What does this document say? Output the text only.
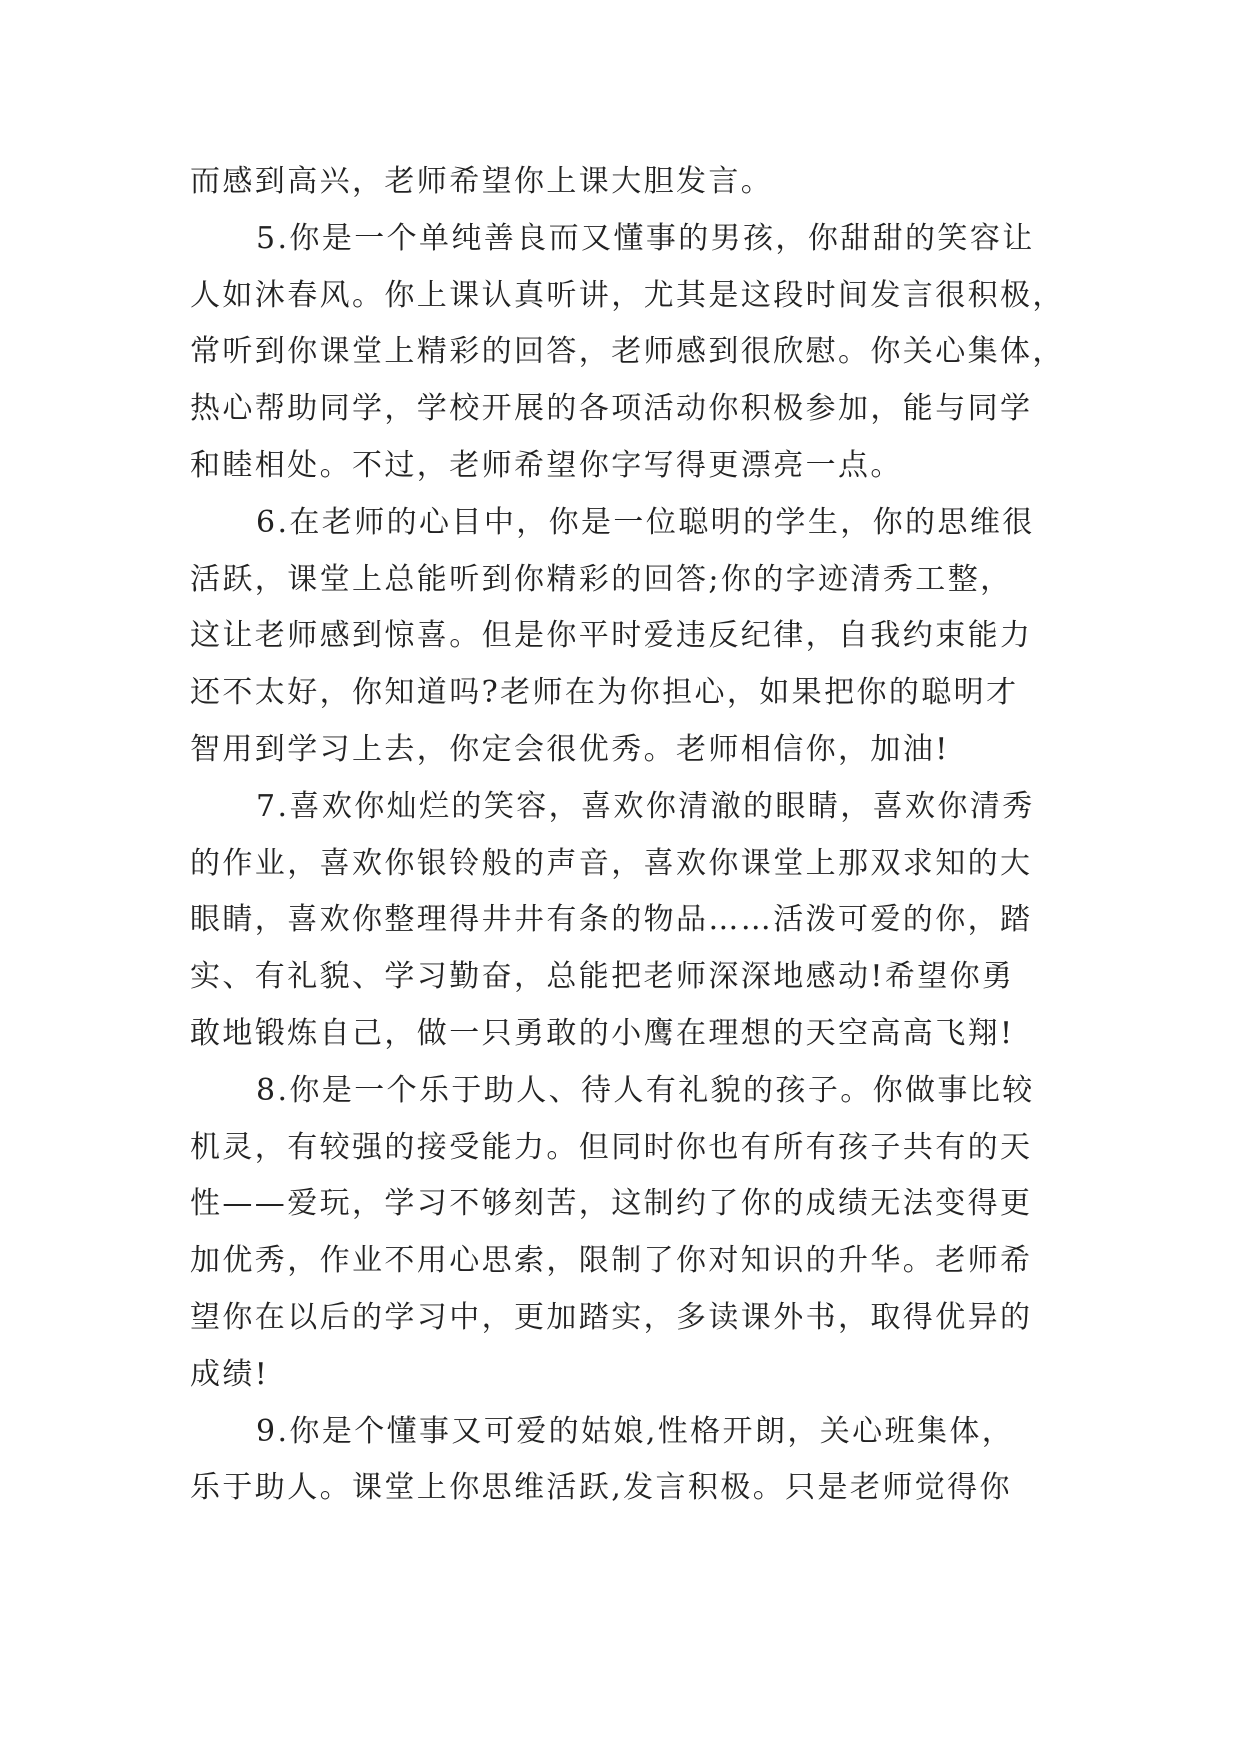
而感到高兴，老师希望你上课大胆发言。
5.你是一个单纯善良而又懂事的男孩，你甜甜的笑容让
人如沐春风。你上课认真听讲，尤其是这段时间发言很积极，
常听到你课堂上精彩的回答，老师感到很欣慰。你关心集体，
热心帮助同学，学校开展的各项活动你积极参加，能与同学
和睦相处。不过，老师希望你字写得更漂亮一点。
6.在老师的心目中，你是一位聪明的学生，你的思维很
活跃，课堂上总能听到你精彩的回答;你的字迹清秀工整，
这让老师感到惊喜。但是你平时爱违反纪律，自我约束能力
还不太好，你知道吗?老师在为你担心，如果把你的聪明才
智用到学习上去，你定会很优秀。老师相信你，加油!
7.喜欢你灿烂的笑容，喜欢你清澈的眼睛，喜欢你清秀
的作业，喜欢你银铃般的声音，喜欢你课堂上那双求知的大
眼睛，喜欢你整理得井井有条的物品……活泼可爱的你，踏
实、有礼貌、学习勤奋，总能把老师深深地感动!希望你勇
敢地锻炼自己，做一只勇敢的小鹰在理想的天空高高飞翔!
8.你是一个乐于助人、待人有礼貌的孩子。你做事比较
机灵，有较强的接受能力。但同时你也有所有孩子共有的天
性——爱玩，学习不够刻苦，这制约了你的成绩无法变得更
加优秀，作业不用心思索，限制了你对知识的升华。老师希
望你在以后的学习中，更加踏实，多读课外书，取得优异的
成绩!
9.你是个懂事又可爱的姑娘,性格开朗，关心班集体，
乐于助人。课堂上你思维活跃,发言积极。只是老师觉得你
